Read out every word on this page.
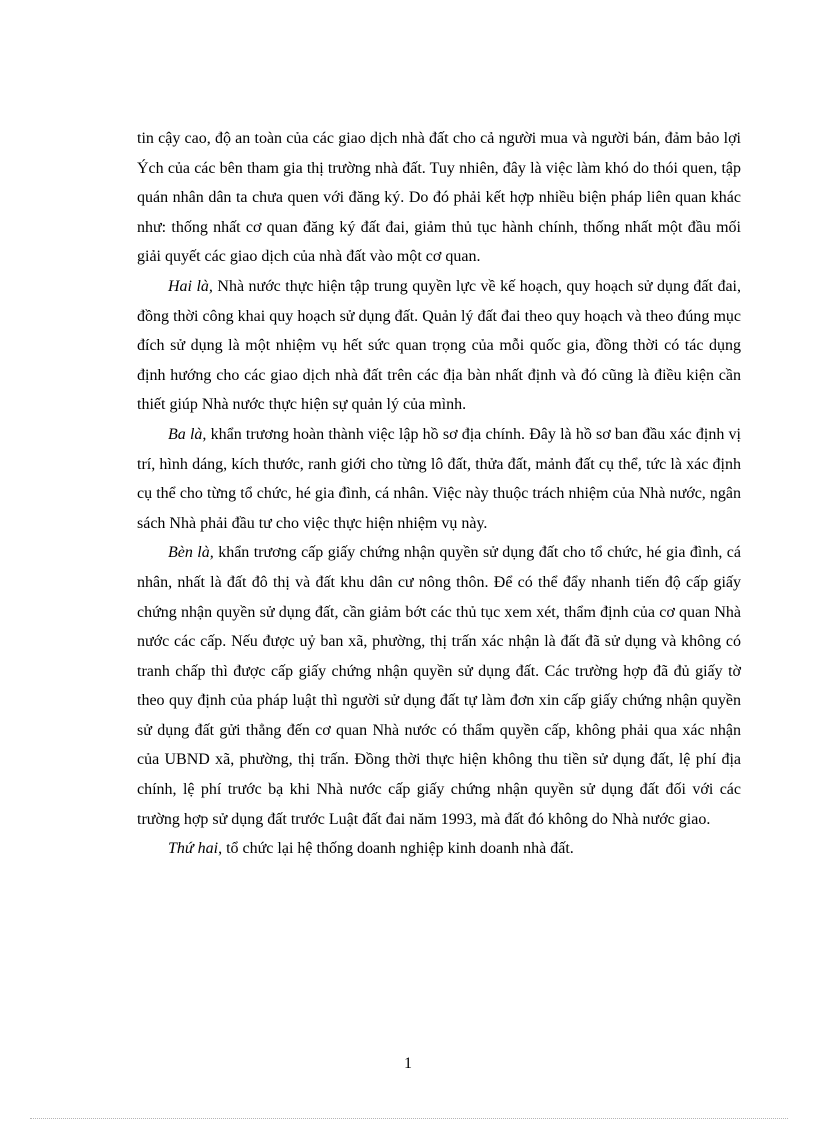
tin cậy cao, độ an toàn của các giao dịch nhà đất cho cả người mua và người bán, đảm bảo lợi Ých của các bên tham gia thị trường nhà đất. Tuy nhiên, đây là việc làm khó do thói quen, tập quán nhân dân ta chưa quen với đăng ký. Do đó phải kết hợp nhiều biện pháp liên quan khác như: thống nhất cơ quan đăng ký đất đai, giảm thủ tục hành chính, thống nhất một đầu mối giải quyết các giao dịch của nhà đất vào một cơ quan.

Hai là, Nhà nước thực hiện tập trung quyền lực về kế hoạch, quy hoạch sử dụng đất đai, đồng thời công khai quy hoạch sử dụng đất. Quản lý đất đai theo quy hoạch và theo đúng mục đích sử dụng là một nhiệm vụ hết sức quan trọng của mỗi quốc gia, đồng thời có tác dụng định hướng cho các giao dịch nhà đất trên các địa bàn nhất định và đó cũng là điều kiện cần thiết giúp Nhà nước thực hiện sự quản lý của mình.

Ba là, khẩn trương hoàn thành việc lập hồ sơ địa chính. Đây là hồ sơ ban đầu xác định vị trí, hình dáng, kích thước, ranh giới cho từng lô đất, thửa đất, mảnh đất cụ thể, tức là xác định cụ thể cho từng tổ chức, hé gia đình, cá nhân. Việc này thuộc trách nhiệm của Nhà nước, ngân sách Nhà phải đầu tư cho việc thực hiện nhiệm vụ này.

Bèn là, khẩn trương cấp giấy chứng nhận quyền sử dụng đất cho tổ chức, hé gia đình, cá nhân, nhất là đất đô thị và đất khu dân cư nông thôn. Để có thể đẩy nhanh tiến độ cấp giấy chứng nhận quyền sử dụng đất, cần giảm bớt các thủ tục xem xét, thẩm định của cơ quan Nhà nước các cấp. Nếu được uỷ ban xã, phường, thị trấn xác nhận là đất đã sử dụng và không có tranh chấp thì được cấp giấy chứng nhận quyền sử dụng đất. Các trường hợp đã đủ giấy tờ theo quy định của pháp luật thì người sử dụng đất tự làm đơn xin cấp giấy chứng nhận quyền sử dụng đất gửi thẳng đến cơ quan Nhà nước có thẩm quyền cấp, không phải qua xác nhận của UBND xã, phường, thị trấn. Đồng thời thực hiện không thu tiền sử dụng đất, lệ phí địa chính, lệ phí trước bạ khi Nhà nước cấp giấy chứng nhận quyền sử dụng đất đối với các trường hợp sử dụng đất trước Luật đất đai năm 1993, mà đất đó không do Nhà nước giao.

Thứ hai, tổ chức lại hệ thống doanh nghiệp kinh doanh nhà đất.

1
